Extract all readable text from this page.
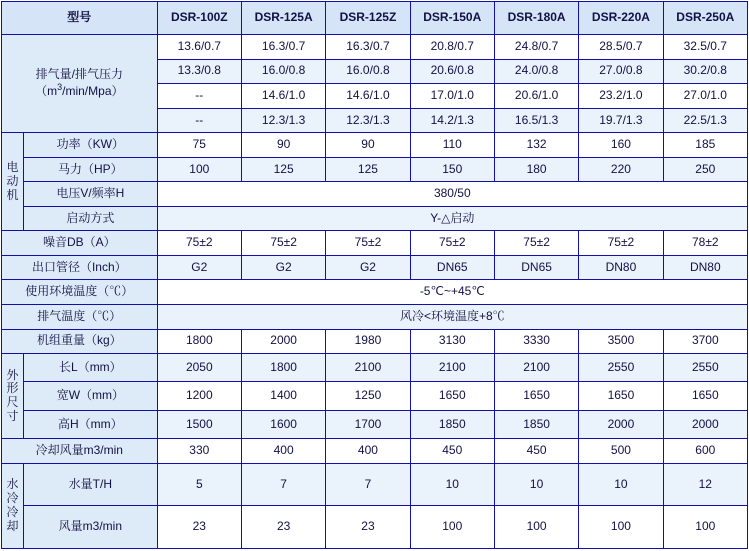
型号		DSR-100Z	DSR-125A	DSR-125Z	DSR-150A	DSR-180A	DSR-220A	DSR-250A

排气量/排气压力
$(m^3/\min/Mpa)$		13.6/0.7	16.3/0.7	16.3/0.7	20.8/0.7	24.8/0.7	28.5/0.7	32.5/0.7
		13.3/0.8	16.0/0.8	16.0/0.8	20.6/0.8	24.0/0.8	27.0/0.8	30.2/0.8
		--	14.6/1.0	14.6/1.0	17.0/1.0	20.6/1.0	23.2/1.0	27.0/1.0
		--	12.3/1.3	12.3/1.3	14.2/1.3	16.5/1.3	19.7/1.3	22.5/1.3

电动机	功率（KW）	75	90	90	110	132	160	185
	马力（HP）	100	125	125	150	180	220	250
	电压V/频率H	380/50						
	启动方式	Y-△启动						
噪音DB（A）		75±2	75±2	75±2	75±2	75±2	75±2	78±2
出口管径（Inch）		G2	G2	G2	DN65	DN65	DN80	DN80
使用环境温度（℃）		-5℃~+45℃						
排气温度（℃）		风冷<环境温度+8℃						
机组重量（kg）		1800	2000	1980	3130	3330	3500	3700

外形尺寸	长L（mm）	2050	1800	2100	2100	2100	2550	2550
	宽W（mm）	1200	1400	1250	1650	1650	1650	1650
	高H（mm）	1500	1600	1700	1850	1850	2000	2000
冷却风量m3/min		330	400	400	450	450	500	600

水冷冷却	水量T/H	5	7	7	10	10	10	12
	风量m3/min	23	23	23	100	100	100	100
